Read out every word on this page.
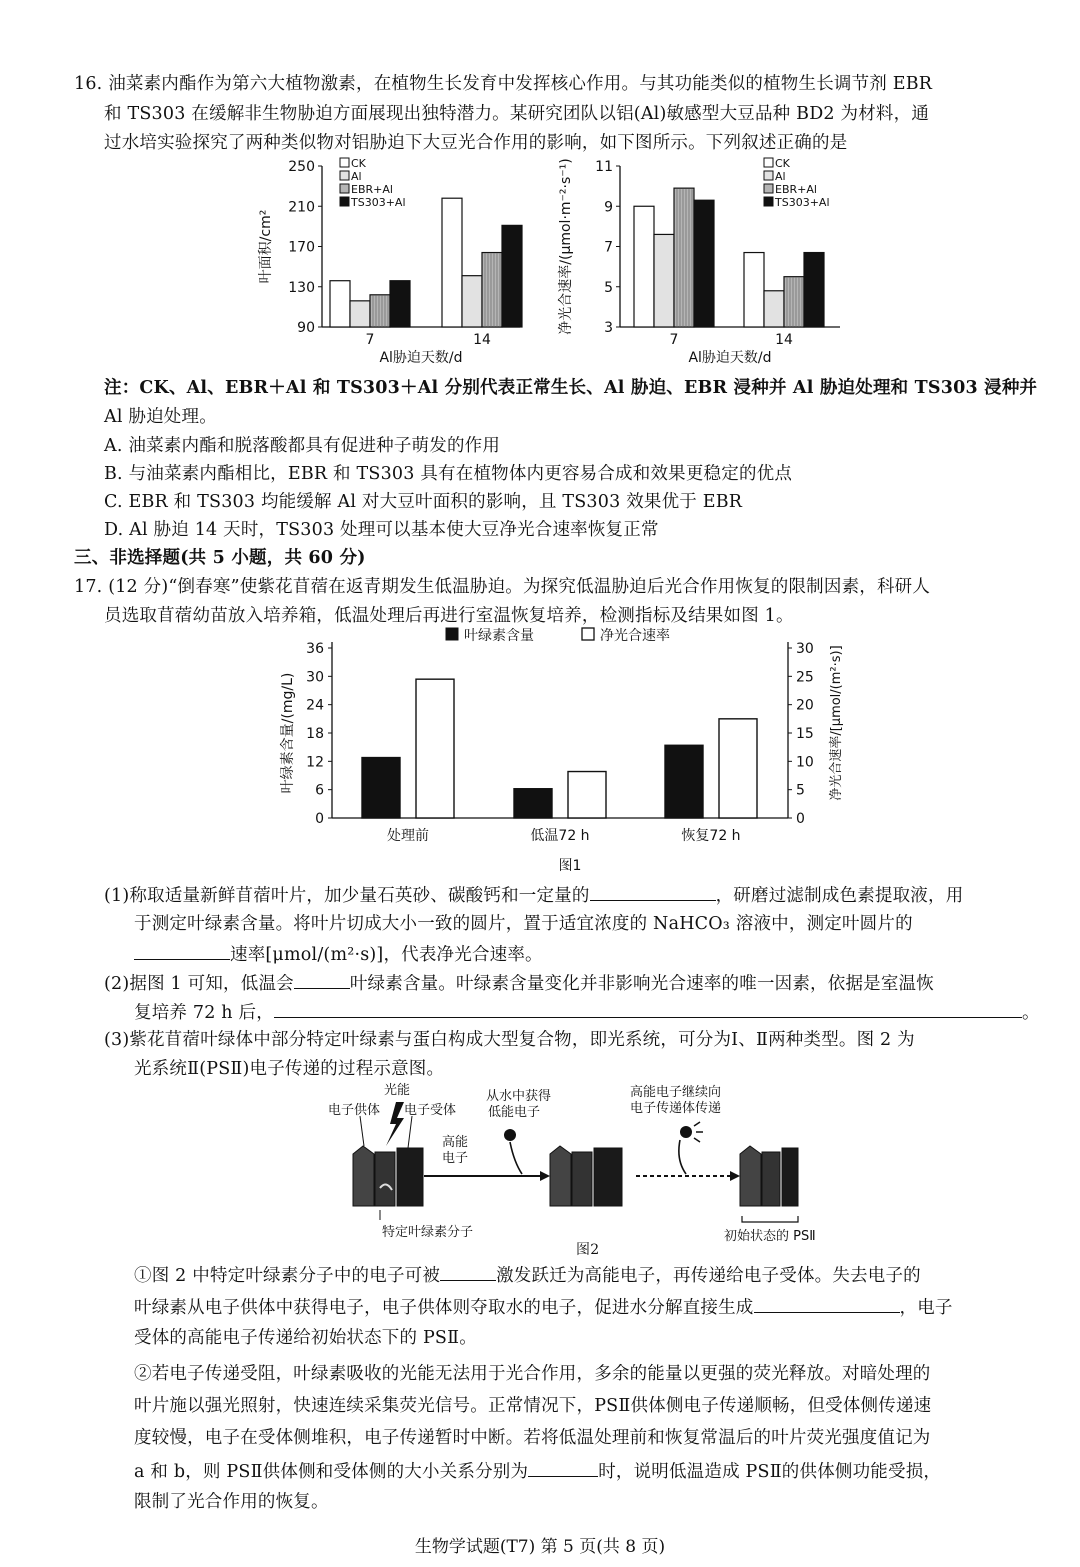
16. 油菜素内酯作为第六大植物激素，在植物生长发育中发挥核心作用。与其功能类似的植物生长调节剂 EBR
和 TS303 在缓解非生物胁迫方面展现出独特潜力。某研究团队以铝(Al)敏感型大豆品种 BD2 为材料，通
过水培实验探究了两种类似物对铝胁迫下大豆光合作用的影响，如下图所示。下列叙述正确的是
90
130
170
210
250
7	14
Al胁迫天数/d
叶面积/cm²
CK
Al
EBR+Al
TS303+Al
3
5
7
9
11
7	14
Al胁迫天数/d
净光合速率/(μmol·m⁻²·s⁻¹)	CK
Al
EBR+Al
TS303+Al
注：CK、Al、EBR＋Al 和 TS303＋Al 分别代表正常生长、Al 胁迫、EBR 浸种并 Al 胁迫处理和 TS303 浸种并
Al 胁迫处理。
A. 油菜素内酯和脱落酸都具有促进种子萌发的作用
B. 与油菜素内酯相比，EBR 和 TS303 具有在植物体内更容易合成和效果更稳定的优点
C. EBR 和 TS303 均能缓解 Al 对大豆叶面积的影响，且 TS303 效果优于 EBR
D. Al 胁迫 14 天时，TS303 处理可以基本使大豆净光合速率恢复正常
三、非选择题(共 5 小题，共 60 分)
17. (12 分)“倒春寒”使紫花苜蓿在返青期发生低温胁迫。为探究低温胁迫后光合作用恢复的限制因素，科研人
员选取苜蓿幼苗放入培养箱，低温处理后再进行室温恢复培养，检测指标及结果如图 1。
0
6
12
18
24
30
36
0
5
10
15
20
25
30
处理前	低温72 h	恢复72 h
叶绿素含量/(mg/L)	净光合速率/[μmol/(m²·s)]
叶绿素含量	净光合速率
图1
(1)称取适量新鲜苜蓿叶片，加少量石英砂、碳酸钙和一定量的	，研磨过滤制成色素提取液，用
于测定叶绿素含量。将叶片切成大小一致的圆片，置于适宜浓度的 NaHCO₃ 溶液中，测定叶圆片的
速率[μmol/(m²·s)]，代表净光合速率。
(2)据图 1 可知，低温会	叶绿素含量。叶绿素含量变化并非影响光合速率的唯一因素，依据是室温恢
复培养 72 h 后，	。
(3)紫花苜蓿叶绿体中部分特定叶绿素与蛋白构成大型复合物，即光系统，可分为Ⅰ、Ⅱ两种类型。图 2 为
光系统Ⅱ(PSⅡ)电子传递的过程示意图。
光能
电子供体 电子受体
高能
电子
从水中获得
低能电子
高能电子继续向
电子传递体传递
特定叶绿素分子	初始状态的 PSⅡ
图2
①图 2 中特定叶绿素分子中的电子可被	激发跃迁为高能电子，再传递给电子受体。失去电子的
叶绿素从电子供体中获得电子，电子供体则夺取水的电子，促进水分解直接生成	，电子
受体的高能电子传递给初始状态下的 PSⅡ。
②若电子传递受阻，叶绿素吸收的光能无法用于光合作用，多余的能量以更强的荧光释放。对暗处理的
叶片施以强光照射，快速连续采集荧光信号。正常情况下，PSⅡ供体侧电子传递顺畅，但受体侧传递速
度较慢，电子在受体侧堆积，电子传递暂时中断。若将低温处理前和恢复常温后的叶片荧光强度值记为
a 和 b，则 PSⅡ供体侧和受体侧的大小关系分别为	时，说明低温造成 PSⅡ的供体侧功能受损，
限制了光合作用的恢复。
生物学试题(T7) 第 5 页(共 8 页)
